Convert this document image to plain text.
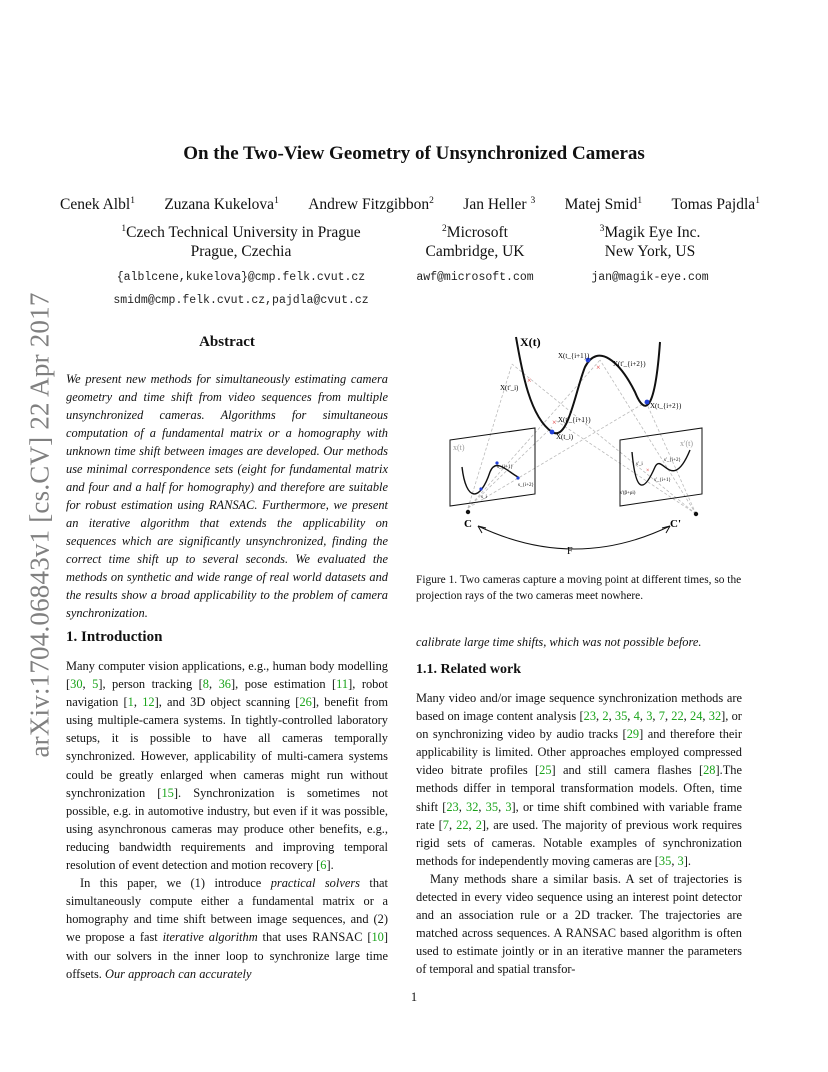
arXiv:1704.06843v1 [cs.CV] 22 Apr 2017
On the Two-View Geometry of Unsynchronized Cameras
Cenek Albl$^1$ Zuzana Kukelova$^1$ Andrew Fitzgibbon$^2$ Jan Heller $^3$ Matej Smid$^1$ Tomas Pajdla$^1$
$^1$Czech Technical University in Prague
Prague, Czechia
{alblcene,kukelova}@cmp.felk.cvut.cz
smidm@cmp.felk.cvut.cz,pajdla@cvut.cz
$^2$Microsoft
Cambridge, UK
awf@microsoft.com
$^3$Magik Eye Inc.
New York, US
jan@magik-eye.com
Abstract
We present new methods for simultaneously estimating camera geometry and time shift from video sequences from multiple unsynchronized cameras. Algorithms for simultaneous computation of a fundamental matrix or a homography with unknown time shift between images are developed. Our methods use minimal correspondence sets (eight for fundamental matrix and four and a half for homography) and therefore are suitable for robust estimation using RANSAC. Furthermore, we present an iterative algorithm that extends the applicability on sequences which are significantly unsynchronized, finding the correct time shift up to several seconds. We evaluated the methods on synthetic and wide range of real world datasets and the results show a broad applicability to the problem of camera synchronization.
×
×
×
X(t)
X(t_{i+1})
X(t'_{i+2})
X(t'_i)
X(t_{i+2})
X(t'_{i+1})
X(t_i)
x(t)
s_{i+1}
s_i
s_{i+2}
x'(t)
s'_i
s'_{i+2}
s'_{i+1}
s'(β+ρi)
×
C	C'
F
Figure 1. Two cameras capture a moving point at different times, so the projection rays of the two cameras meet nowhere.
1. Introduction

Many computer vision applications, e.g., human body modelling [30, 5], person tracking [8, 36], pose estimation [11], robot navigation [1, 12], and 3D object scanning [26], benefit from using multiple-camera systems. In tightly-controlled laboratory setups, it is possible to have all cameras temporally synchronized. However, applicability of multi-camera systems could be greatly enlarged when cameras might run without synchronization [15]. Synchronization is sometimes not possible, e.g. in automotive industry, but even if it was possible, using asynchronous cameras may produce other benefits, e.g., reducing bandwidth requirements and improving temporal resolution of event detection and motion recovery [6].

In this paper, we (1) introduce practical solvers that simultaneously compute either a fundamental matrix or a homography and time shift between image sequences, and (2) we propose a fast iterative algorithm that uses RANSAC [10] with our solvers in the inner loop to synchronize large time offsets. Our approach can accurately

calibrate large time shifts, which was not possible before.
1.1. Related work

Many video and/or image sequence synchronization methods are based on image content analysis [23, 2, 35, 4, 3, 7, 22, 24, 32], or on synchronizing video by audio tracks [29] and therefore their applicability is limited. Other approaches employed compressed video bitrate profiles [25] and still camera flashes [28].The methods differ in temporal transformation models. Often, time shift [23, 32, 35, 3], or time shift combined with variable frame rate [7, 22, 2], are used. The majority of previous work requires rigid sets of cameras. Notable examples of synchronization methods for independently moving cameras are [35, 3].

Many methods share a similar basis. A set of trajectories is detected in every video sequence using an interest point detector and an association rule or a 2D tracker. The trajectories are matched across sequences. A RANSAC based algorithm is often used to estimate jointly or in an iterative manner the parameters of temporal and spatial transfor-

1
